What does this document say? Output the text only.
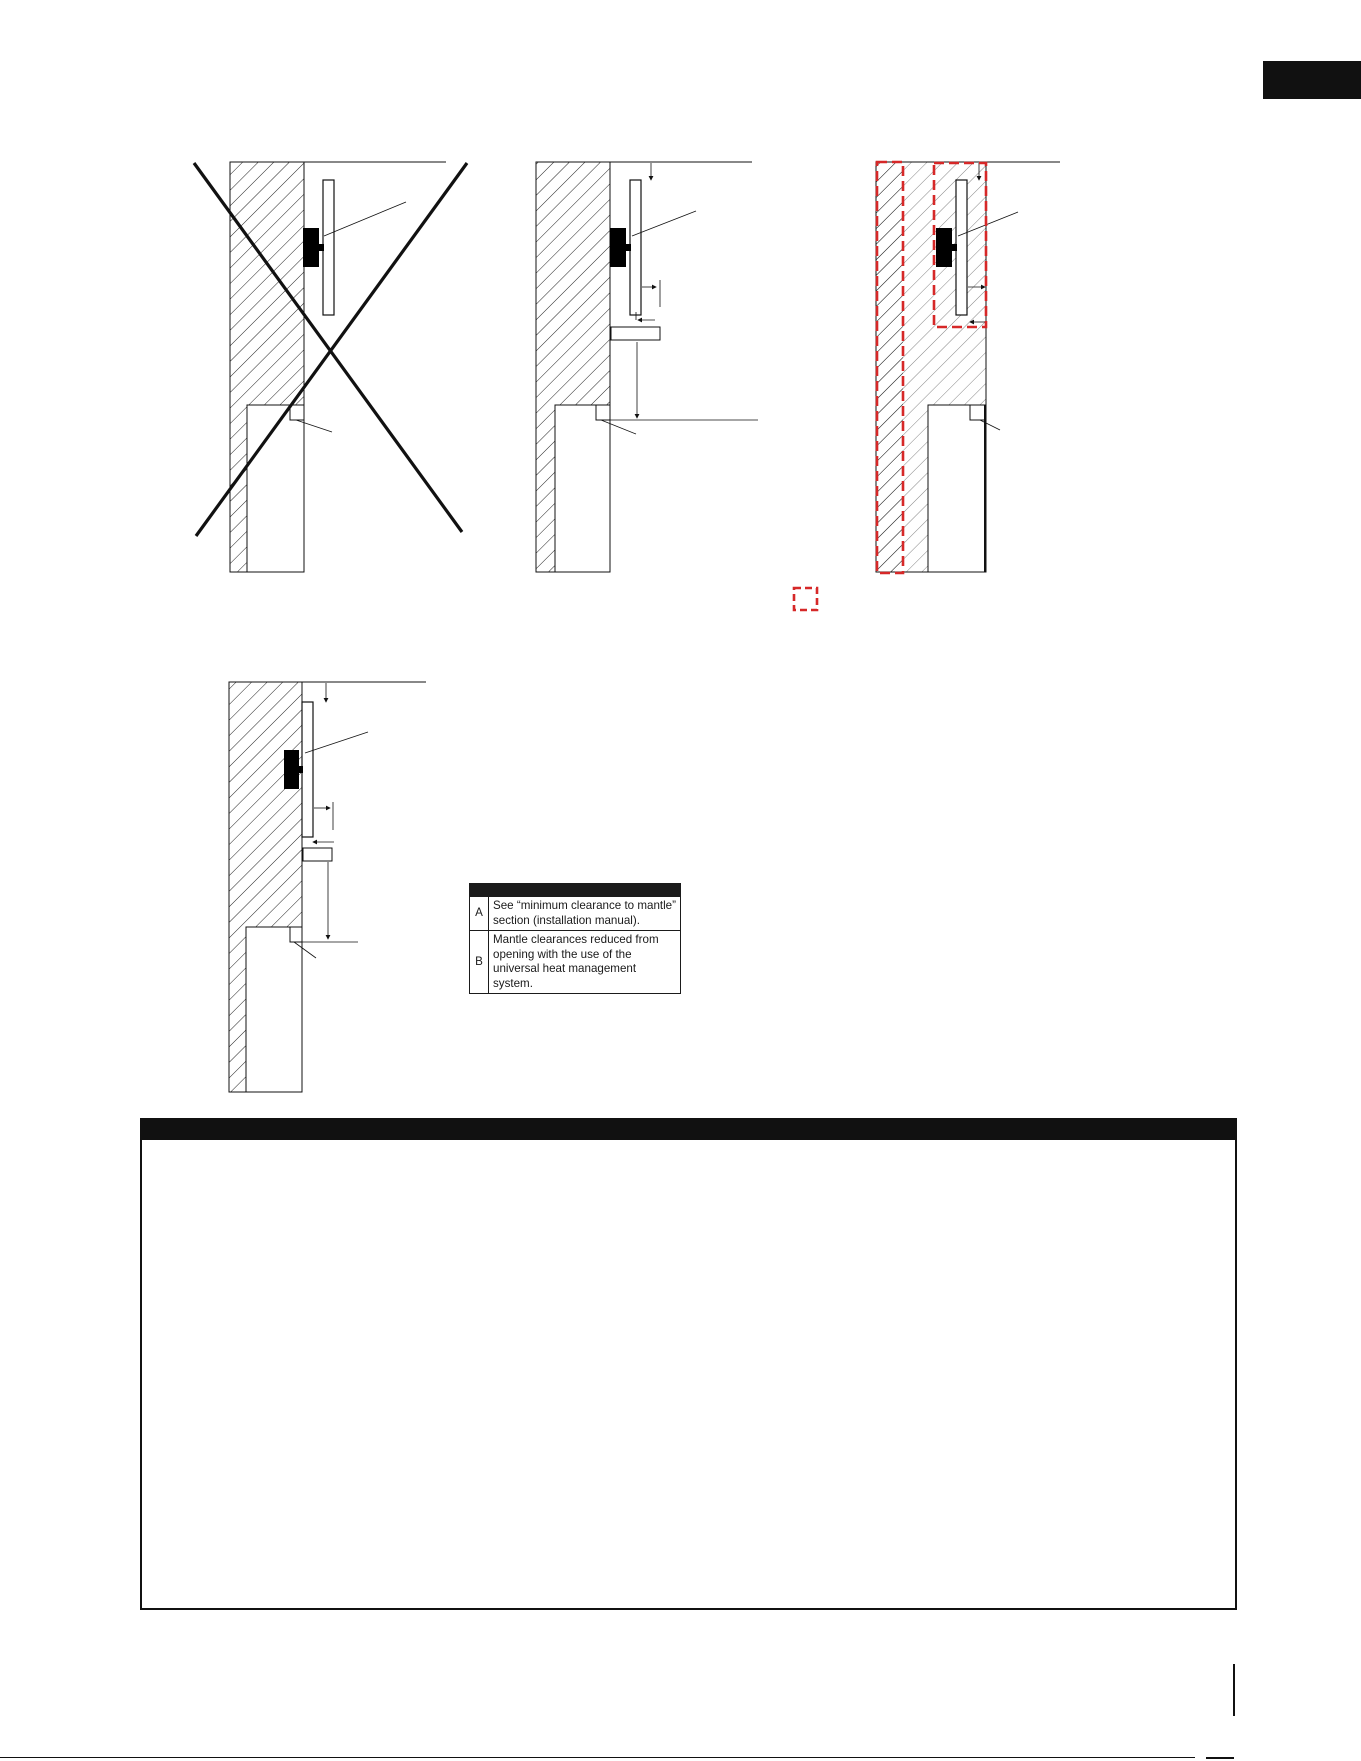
A	See “minimum clearance to mantle” section (installation manual).
B	Mantle clearances reduced from opening with the use of the universal heat management system.
